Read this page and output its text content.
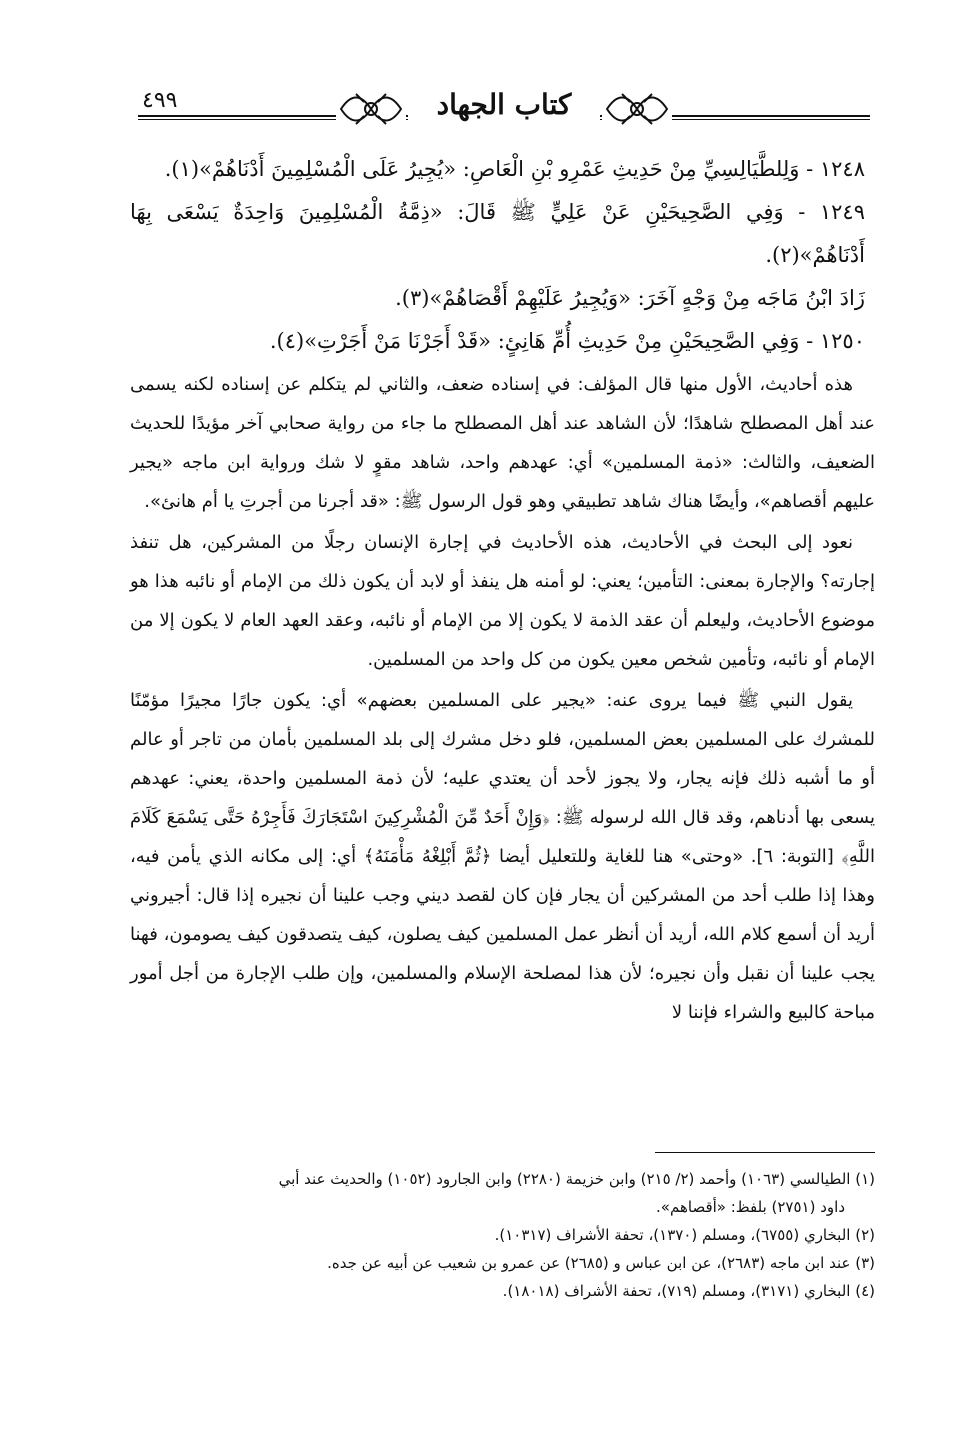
٤٩٩	كتاب الجهاد

١٢٤٨ - وَلِلطَّيَالِسِيِّ مِنْ حَدِيثِ عَمْرِو بْنِ الْعَاصِ: «يُجِيرُ عَلَى الْمُسْلِمِينَ أَدْنَاهُمْ»(١).

١٢٤٩ - وَفِي الصَّحِيحَيْنِ عَنْ عَلِيٍّ ﷺ قَالَ: «ذِمَّةُ الْمُسْلِمِينَ وَاحِدَةٌ يَسْعَى بِهَا أَدْنَاهُمْ»(٢).

زَادَ ابْنُ مَاجَه مِنْ وَجْهٍ آخَرَ: «وَيُجِيرُ عَلَيْهِمْ أَقْصَاهُمْ»(٣).

١٢٥٠ - وَفِي الصَّحِيحَيْنِ مِنْ حَدِيثِ أُمِّ هَانِئٍ: «قَدْ أَجَرْنَا مَنْ أَجَرْتِ»(٤).

هذه أحاديث، الأول منها قال المؤلف: في إسناده ضعف، والثاني لم يتكلم عن إسناده لكنه يسمى عند أهل المصطلح شاهدًا؛ لأن الشاهد عند أهل المصطلح ما جاء من رواية صحابي آخر مؤيدًا للحديث الضعيف، والثالث: «ذمة المسلمين» أي: عهدهم واحد، شاهد مقوٍ لا شك ورواية ابن ماجه «يجير عليهم أقصاهم»، وأيضًا هناك شاهد تطبيقي وهو قول الرسول ﷺ: «قد أجرنا من أجرتِ يا أم هانئ».

نعود إلى البحث في الأحاديث، هذه الأحاديث في إجارة الإنسان رجلًا من المشركين، هل تنفذ إجارته؟ والإجارة بمعنى: التأمين؛ يعني: لو أمنه هل ينفذ أو لابد أن يكون ذلك من الإمام أو نائبه هذا هو موضوع الأحاديث، وليعلم أن عقد الذمة لا يكون إلا من الإمام أو نائبه، وعقد العهد العام لا يكون إلا من الإمام أو نائبه، وتأمين شخص معين يكون من كل واحد من المسلمين.

يقول النبي ﷺ فيما يروى عنه: «يجير على المسلمين بعضهم» أي: يكون جارًا مجيرًا مؤمّنًا للمشرك على المسلمين بعض المسلمين، فلو دخل مشرك إلى بلد المسلمين بأمان من تاجر أو عالم أو ما أشبه ذلك فإنه يجار، ولا يجوز لأحد أن يعتدي عليه؛ لأن ذمة المسلمين واحدة، يعني: عهدهم يسعى بها أدناهم، وقد قال الله لرسوله ﷺ: ﴿وَإِنْ أَحَدٌ مِّنَ الْمُشْرِكِينَ اسْتَجَارَكَ فَأَجِرْهُ حَتَّى يَسْمَعَ كَلَامَ اللَّهِ﴾ [التوبة: ٦]. «وحتى» هنا للغاية وللتعليل أيضا ﴿ثُمَّ أَبْلِغْهُ مَأْمَنَهُ﴾ أي: إلى مكانه الذي يأمن فيه، وهذا إذا طلب أحد من المشركين أن يجار فإن كان لقصد ديني وجب علينا أن نجيره إذا قال: أجيروني أريد أن أسمع كلام الله، أريد أن أنظر عمل المسلمين كيف يصلون، كيف يتصدقون كيف يصومون، فهنا يجب علينا أن نقبل وأن نجيره؛ لأن هذا لمصلحة الإسلام والمسلمين، وإن طلب الإجارة من أجل أمور مباحة كالبيع والشراء فإننا لا

(١) الطيالسي (١٠٦٣) وأحمد (٢/ ٢١٥) وابن خزيمة (٢٢٨٠) وابن الجارود (١٠٥٢) والحديث عند أبي

داود (٢٧٥١) بلفظ: «أقصاهم».

(٢) البخاري (٦٧٥٥)، ومسلم (١٣٧٠)، تحفة الأشراف (١٠٣١٧).

(٣) عند ابن ماجه (٢٦٨٣)، عن ابن عباس و (٢٦٨٥) عن عمرو بن شعيب عن أبيه عن جده.

(٤) البخاري (٣١٧١)، ومسلم (٧١٩)، تحفة الأشراف (١٨٠١٨).
